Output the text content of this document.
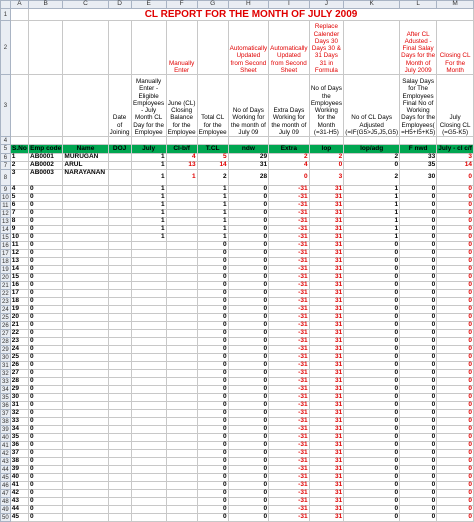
	A	B	C	D	E	F	G	H	I	J	K	L	M
1		CL REPORT FOR THE MONTH OF JULY 2009											
2						Manually Enter		Automatically Updated from Second Sheet	Automatically Updated from Second Sheet	Replace Calender Days 30 Days 30 & 31 Days 31 in Formula		After CL Adusted - Final Salay Days for the Month of July 2009	Closing CL For the Month
3				Date of Joining	Manually Enter - Eligible Employees - July Month CL Day for the Employee	June (CL) Closing Balance for the Employee	Total CL for the Employee	No of Days Working for the month of July 09	Extra Days Working for the month of July 09	No of Days the Employees Working for the Month (=31-H5)	No of CL Days Adjusted (=IF(G5>J5,J5,G5)	Salay Days for The Employees Final No of Working Days for the Employees( =H5+I5+K5)	July Closing CL (=G5-K5)
4													
5	S.No	Emp code	Name	DOJ	July	Cl-b/f	T.CL	ndw	Extra	lop	lop/adg	F nwd	July - cl c/f
6	1	AB0001	MURUGAN		1	4	5	29	2	2	2	33	3
7	2	AB0002	ARUL		1	13	14	31	4	0	0	35	14
8	3	AB0003	NARAYANAN		1	1	2	28	0	3	2	30	0
9	4	0			1		1	0	-31	31	1	0	0
10	5	0			1		1	0	-31	31	1	0	0
11	6	0			1		1	0	-31	31	1	0	0
12	7	0			1		1	0	-31	31	1	0	0
13	8	0			1		1	0	-31	31	1	0	0
14	9	0			1		1	0	-31	31	1	0	0
15	10	0			1		1	0	-31	31	1	0	0
16	11	0					0	0	-31	31	0	0	0
17	12	0					0	0	-31	31	0	0	0
18	13	0					0	0	-31	31	0	0	0
19	14	0					0	0	-31	31	0	0	0
20	15	0					0	0	-31	31	0	0	0
21	16	0					0	0	-31	31	0	0	0
22	17	0					0	0	-31	31	0	0	0
23	18	0					0	0	-31	31	0	0	0
24	19	0					0	0	-31	31	0	0	0
25	20	0					0	0	-31	31	0	0	0
26	21	0					0	0	-31	31	0	0	0
27	22	0					0	0	-31	31	0	0	0
28	23	0					0	0	-31	31	0	0	0
29	24	0					0	0	-31	31	0	0	0
30	25	0					0	0	-31	31	0	0	0
31	26	0					0	0	-31	31	0	0	0
32	27	0					0	0	-31	31	0	0	0
33	28	0					0	0	-31	31	0	0	0
34	29	0					0	0	-31	31	0	0	0
35	30	0					0	0	-31	31	0	0	0
36	31	0					0	0	-31	31	0	0	0
37	32	0					0	0	-31	31	0	0	0
38	33	0					0	0	-31	31	0	0	0
39	34	0					0	0	-31	31	0	0	0
40	35	0					0	0	-31	31	0	0	0
41	36	0					0	0	-31	31	0	0	0
42	37	0					0	0	-31	31	0	0	0
43	38	0					0	0	-31	31	0	0	0
44	39	0					0	0	-31	31	0	0	0
45	40	0					0	0	-31	31	0	0	0
46	41	0					0	0	-31	31	0	0	0
47	42	0					0	0	-31	31	0	0	0
48	43	0					0	0	-31	31	0	0	0
49	44	0					0	0	-31	31	0	0	0
50	45	0					0	0	-31	31	0	0	0
